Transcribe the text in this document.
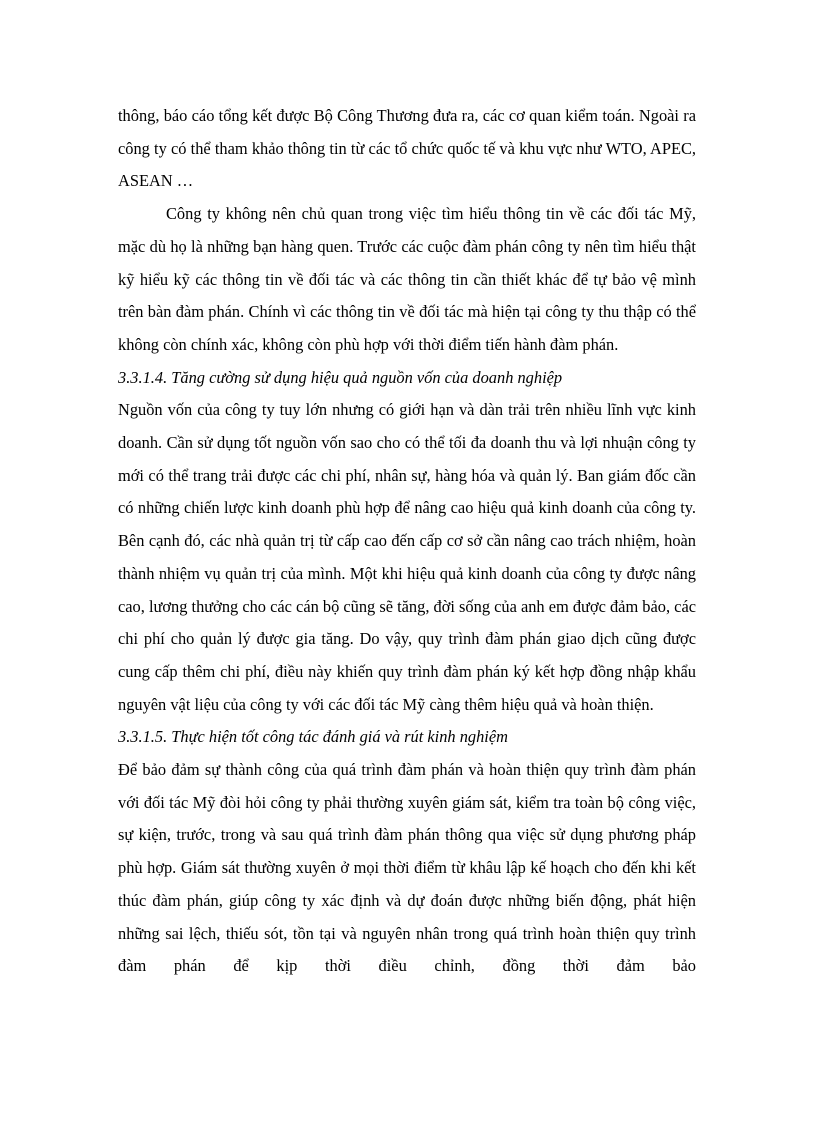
thông, báo cáo tổng kết được Bộ Công Thương đưa ra, các cơ quan kiểm toán. Ngoài ra công ty có thể tham khảo thông tin từ các tổ chức quốc tế và khu vực như WTO, APEC, ASEAN …

Công ty không nên chủ quan trong việc tìm hiểu thông tin về các đối tác Mỹ, mặc dù họ là những bạn hàng quen. Trước các cuộc đàm phán công ty nên tìm hiểu thật kỹ hiểu kỹ các thông tin về đối tác và các thông tin cần thiết khác để tự bảo vệ mình trên bàn đàm phán. Chính vì các thông tin về đối tác mà hiện tại công ty thu thập có thể không còn chính xác, không còn phù hợp với thời điểm tiến hành đàm phán.

3.3.1.4. Tăng cường sử dụng hiệu quả nguồn vốn của doanh nghiệp

Nguồn vốn của công ty tuy lớn nhưng có giới hạn và dàn trải trên nhiều lĩnh vực kinh doanh. Cần sử dụng tốt nguồn vốn sao cho có thể tối đa doanh thu và lợi nhuận công ty mới có thể trang trải được các chi phí, nhân sự, hàng hóa và quản lý. Ban giám đốc cần có những chiến lược kinh doanh phù hợp để nâng cao hiệu quả kinh doanh của công ty. Bên cạnh đó, các nhà quản trị từ cấp cao đến cấp cơ sở cần nâng cao trách nhiệm, hoàn thành nhiệm vụ quản trị của mình. Một khi hiệu quả kinh doanh của công ty được nâng cao, lương thưởng cho các cán bộ cũng sẽ tăng, đời sống của anh em được đảm bảo, các chi phí cho quản lý được gia tăng. Do vậy, quy trình đàm phán giao dịch cũng được cung cấp thêm chi phí, điều này khiến quy trình đàm phán ký kết hợp đồng nhập khẩu nguyên vật liệu của công ty với các đối tác Mỹ càng thêm hiệu quả và hoàn thiện.

3.3.1.5. Thực hiện tốt công tác đánh giá và rút kinh nghiệm

Để bảo đảm sự thành công của quá trình đàm phán và hoàn thiện quy trình đàm phán với đối tác Mỹ đòi hỏi công ty phải thường xuyên giám sát, kiểm tra toàn bộ công việc, sự kiện, trước, trong và sau quá trình đàm phán thông qua việc sử dụng phương pháp phù hợp. Giám sát thường xuyên ở mọi thời điểm từ khâu lập kế hoạch cho đến khi kết thúc đàm phán, giúp công ty xác định và dự đoán được những biến động, phát hiện những sai lệch, thiếu sót, tồn tại và nguyên nhân trong quá trình hoàn thiện quy trình đàm phán để kịp thời điều chỉnh, đồng thời đảm bảo
